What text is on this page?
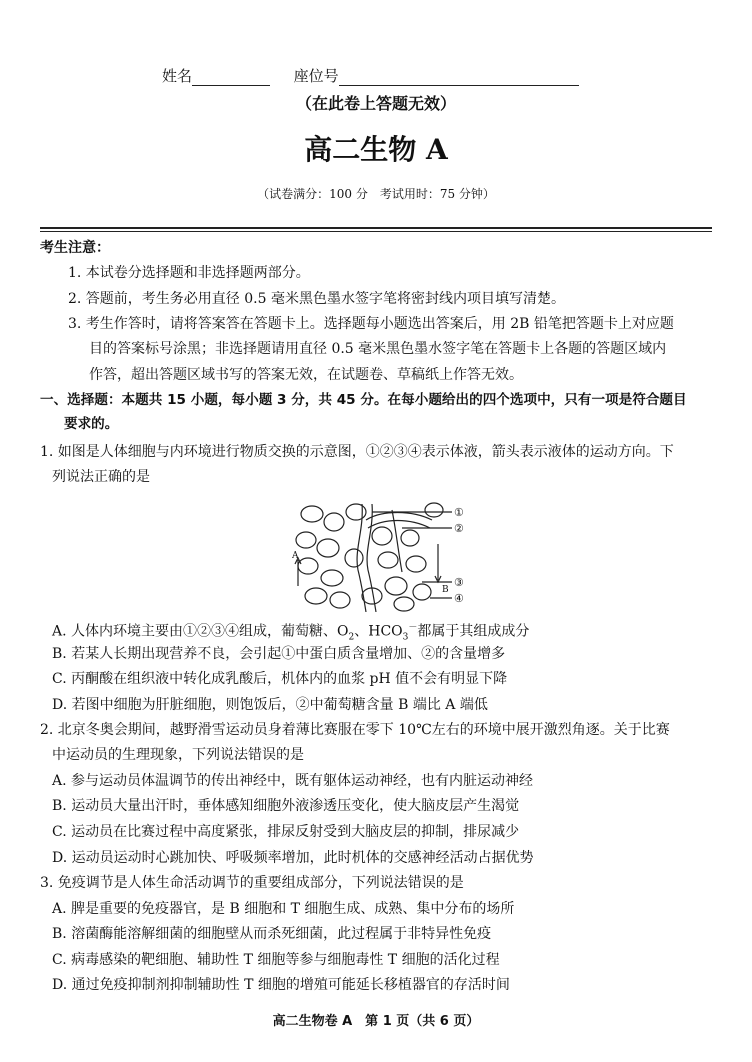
姓名	座位号
（在此卷上答题无效）
高二生物 A
（试卷满分：100 分　考试用时：75 分钟）
考生注意：
1. 本试卷分选择题和非选择题两部分。
2. 答题前，考生务必用直径 0.5 毫米黑色墨水签字笔将密封线内项目填写清楚。
3. 考生作答时，请将答案答在答题卡上。选择题每小题选出答案后，用 2B 铅笔把答题卡上对应题
目的答案标号涂黑；非选择题请用直径 0.5 毫米黑色墨水签字笔在答题卡上各题的答题区域内
作答，超出答题区域书写的答案无效，在试题卷、草稿纸上作答无效。
一、选择题：本题共 15 小题，每小题 3 分，共 45 分。在每小题给出的四个选项中，只有一项是符合题目
要求的。
1. 如图是人体细胞与内环境进行物质交换的示意图，①②③④表示体液，箭头表示液体的运动方向。下
列说法正确的是
①
②
③
④
A
B
A. 人体内环境主要由①②③④组成，葡萄糖、$O_2$、$HCO_3^-$都属于其组成成分
B. 若某人长期出现营养不良，会引起①中蛋白质含量增加、②的含量增多
C. 丙酮酸在组织液中转化成乳酸后，机体内的血浆 pH 值不会有明显下降
D. 若图中细胞为肝脏细胞，则饱饭后，②中葡萄糖含量 B 端比 A 端低
2. 北京冬奥会期间，越野滑雪运动员身着薄比赛服在零下 10℃左右的环境中展开激烈角逐。关于比赛
中运动员的生理现象，下列说法错误的是
A. 参与运动员体温调节的传出神经中，既有躯体运动神经，也有内脏运动神经
B. 运动员大量出汗时，垂体感知细胞外液渗透压变化，使大脑皮层产生渴觉
C. 运动员在比赛过程中高度紧张，排尿反射受到大脑皮层的抑制，排尿减少
D. 运动员运动时心跳加快、呼吸频率增加，此时机体的交感神经活动占据优势
3. 免疫调节是人体生命活动调节的重要组成部分，下列说法错误的是
A. 脾是重要的免疫器官，是 B 细胞和 T 细胞生成、成熟、集中分布的场所
B. 溶菌酶能溶解细菌的细胞壁从而杀死细菌，此过程属于非特异性免疫
C. 病毒感染的靶细胞、辅助性 T 细胞等参与细胞毒性 T 细胞的活化过程
D. 通过免疫抑制剂抑制辅助性 T 细胞的增殖可能延长移植器官的存活时间
高二生物卷 A　第 1 页（共 6 页）
